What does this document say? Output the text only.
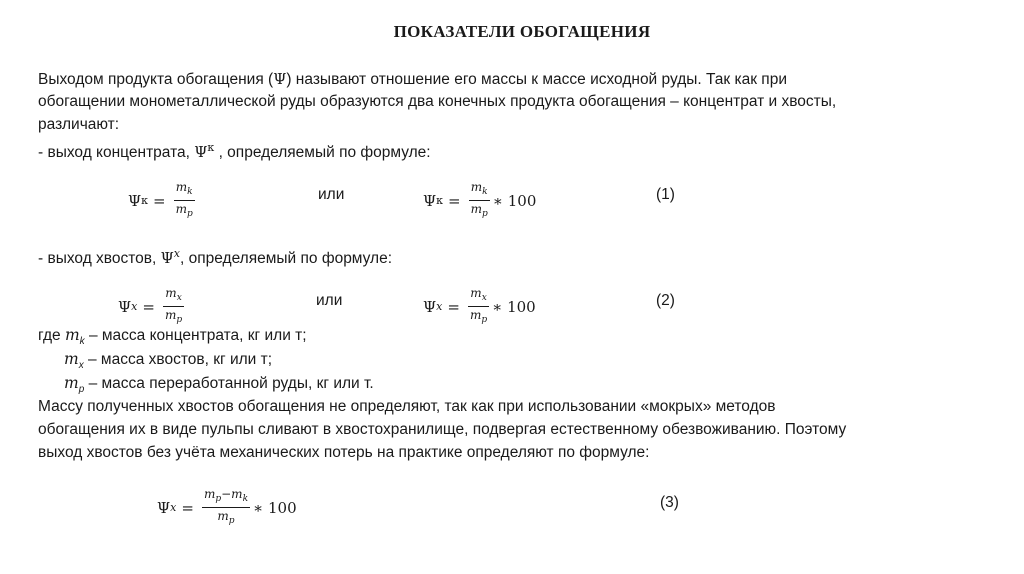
ПОКАЗАТЕЛИ ОБОГАЩЕНИЯ
Выходом продукта обогащения (Ψ) называют отношение его массы к массе исходной руды. Так как при
обогащении монометаллической руды образуются два конечных продукта обогащения – концентрат и хвосты,
различают:
- выход концентрата, $\Psi^к$ , определяемый по формуле:
Ψ $к = \frac{m_k}{m_p}$	или	Ψ $к = \frac{m_k}{m_p}$ ∗ 100	(1)
- выход хвостов, $\Psi^x$, определяемый по формуле:
Ψ $x = \frac{m_x}{m_p}$	или	Ψ $x = \frac{m_x}{m_p}$ ∗ 100	(2)
где $m_k$ – масса концентрата, кг или т;
$m_x$ – масса хвостов, кг или т;
$m_p$ – масса переработанной руды, кг или т.
Массу полученных хвостов обогащения не определяют, так как при использовании «мокрых» методов
обогащения их в виде пульпы сливают в хвостохранилище, подвергая естественному обезвоживанию. Поэтому
выход хвостов без учёта механических потерь на практике определяют по формуле:
Ψ $x = \frac{m_p-m_k}{m_p}$ ∗ 100	(3)
